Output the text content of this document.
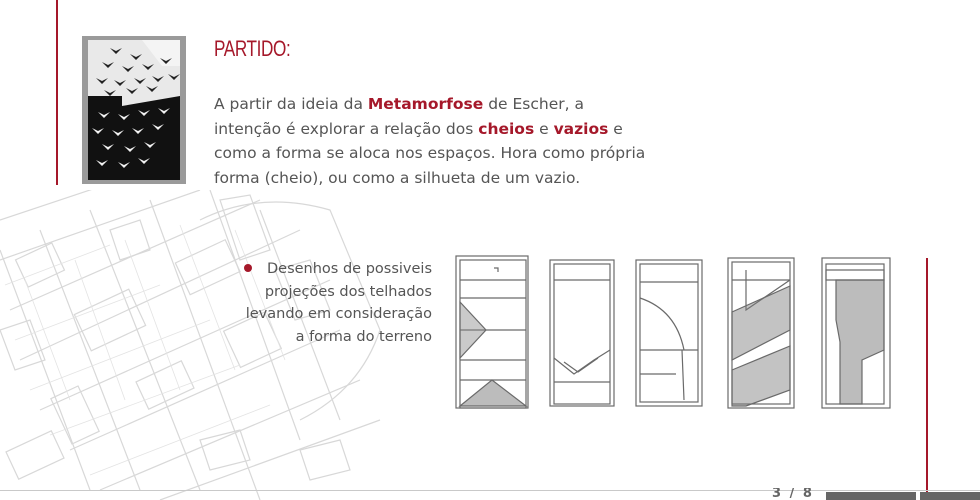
PARTIDO:
A partir da ideia da Metamorfose de Escher, a intenção é explorar a relação dos cheios e vazios e como a forma se aloca nos espaços. Hora como própria forma (cheio), ou como a silhueta de um vazio.
Desenhos de possiveis projeções dos telhados levando em consideração a forma do terreno
3 / 8
